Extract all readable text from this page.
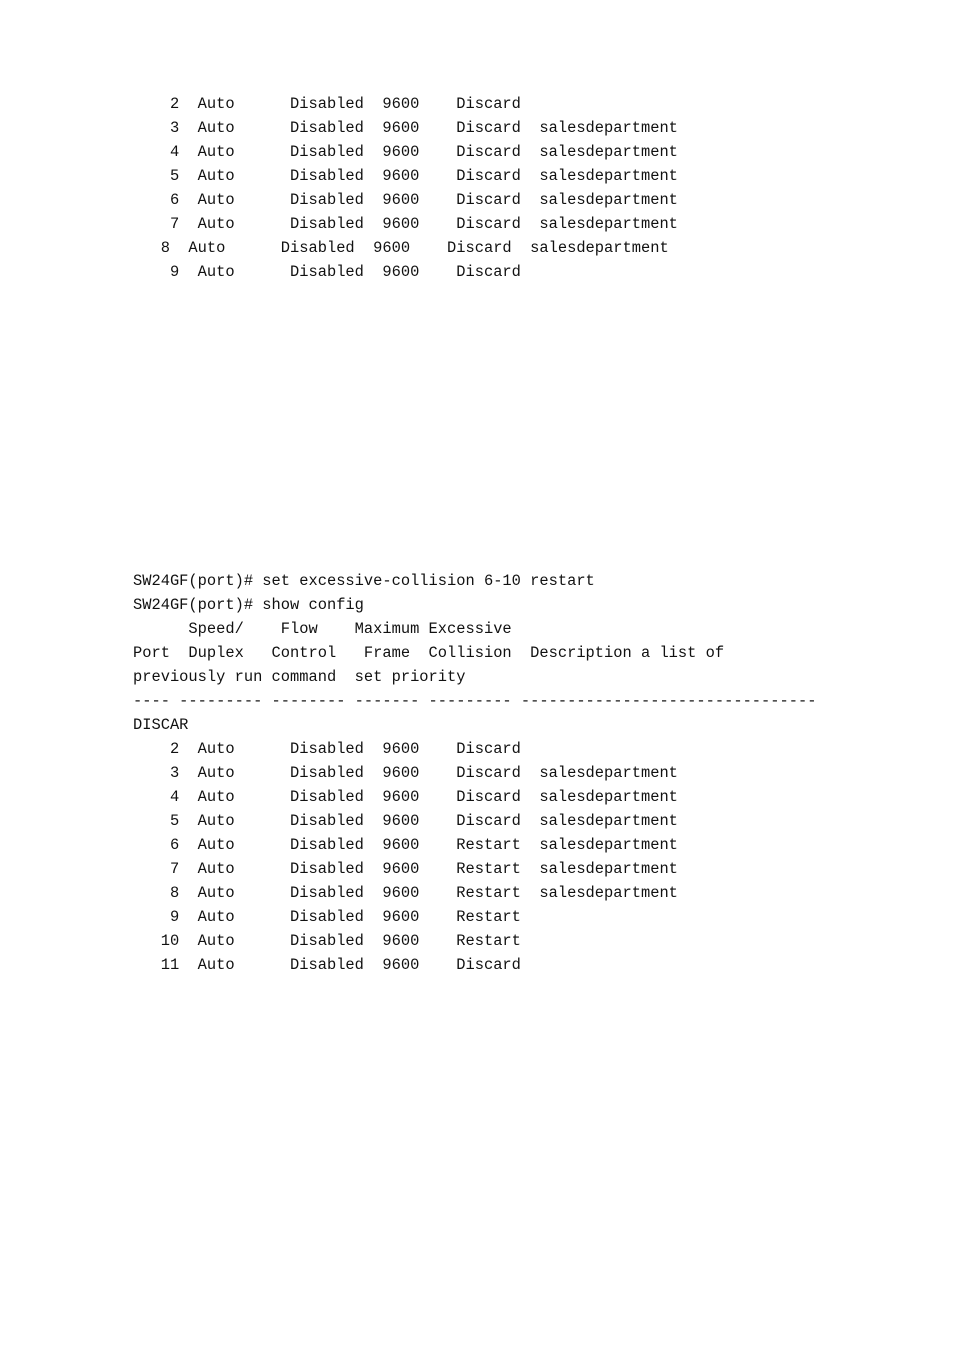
2  Auto      Disabled  9600    Discard
3  Auto      Disabled  9600    Discard  salesdepartment
4  Auto      Disabled  9600    Discard  salesdepartment
5  Auto      Disabled  9600    Discard  salesdepartment
6  Auto      Disabled  9600    Discard  salesdepartment
7  Auto      Disabled  9600    Discard  salesdepartment
8  Auto      Disabled  9600    Discard  salesdepartment
9  Auto      Disabled  9600    Discard
SW24GF(port)# set excessive-collision 6-10 restart
SW24GF(port)# show config
Speed/    Flow    Maximum Excessive
Port  Duplex   Control   Frame  Collision  Description a list of
previously run command  set priority
---- --------- -------- ------- --------- --------------------------------
DISCAR
2  Auto      Disabled  9600    Discard
3  Auto      Disabled  9600    Discard  salesdepartment
4  Auto      Disabled  9600    Discard  salesdepartment
5  Auto      Disabled  9600    Discard  salesdepartment
6  Auto      Disabled  9600    Restart  salesdepartment
7  Auto      Disabled  9600    Restart  salesdepartment
8  Auto      Disabled  9600    Restart  salesdepartment
9  Auto      Disabled  9600    Restart
10  Auto      Disabled  9600    Restart
11  Auto      Disabled  9600    Discard
